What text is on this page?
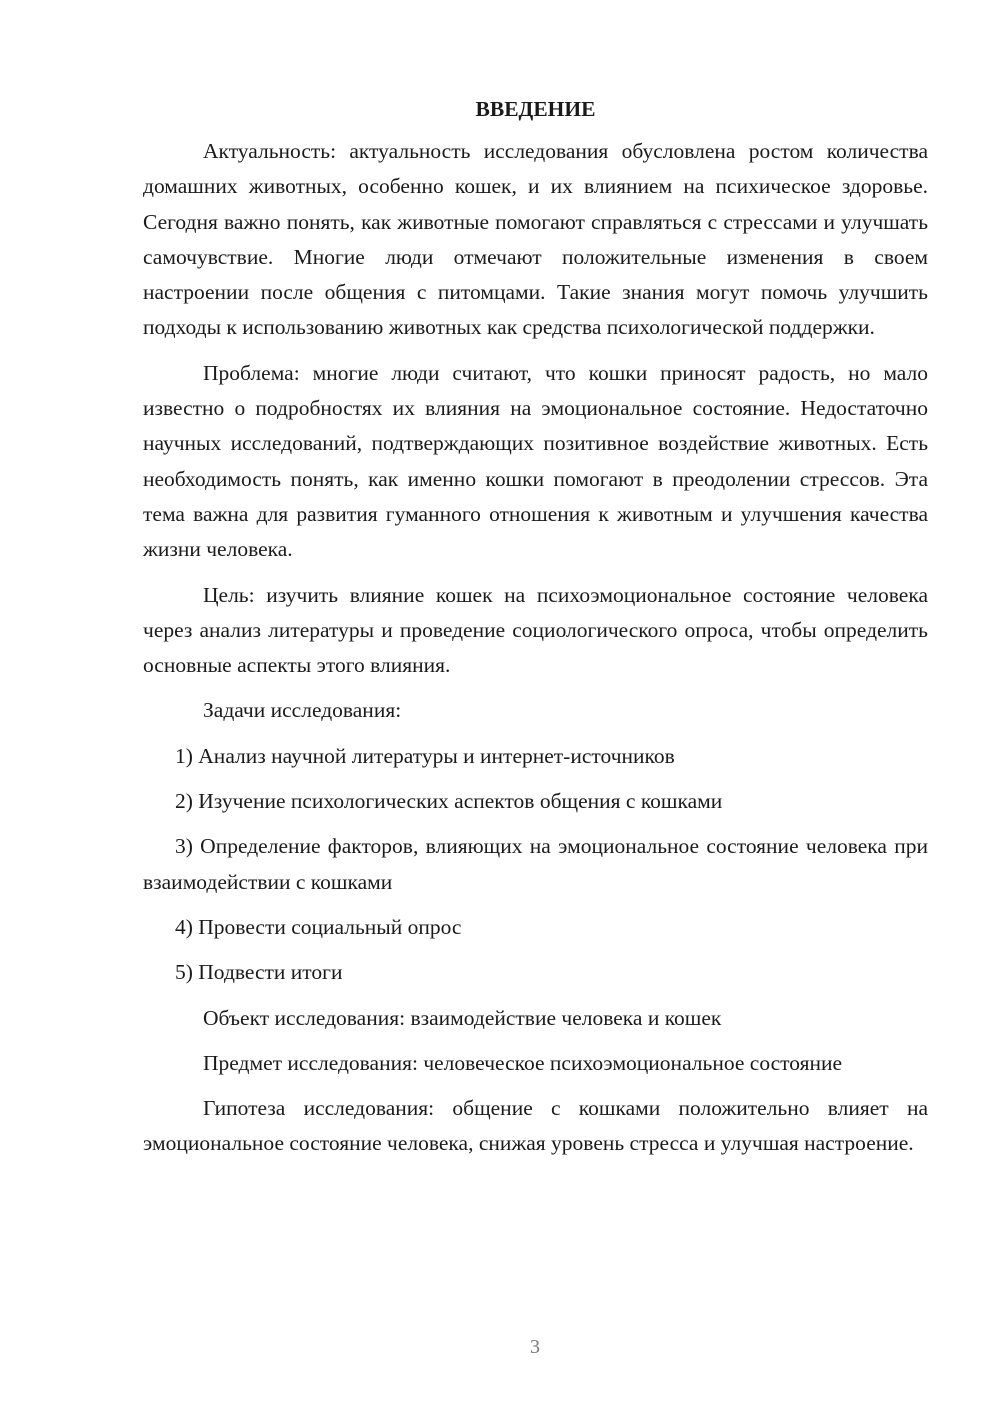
ВВЕДЕНИЕ

Актуальность: актуальность исследования обусловлена ростом количества домашних животных, особенно кошек, и их влиянием на психическое здоровье. Сегодня важно понять, как животные помогают справляться с стрессами и улучшать самочувствие. Многие люди отмечают положительные изменения в своем настроении после общения с питомцами. Такие знания могут помочь улучшить подходы к использованию животных как средства психологической поддержки.

Проблема: многие люди считают, что кошки приносят радость, но мало известно о подробностях их влияния на эмоциональное состояние. Недостаточно научных исследований, подтверждающих позитивное воздействие животных. Есть необходимость понять, как именно кошки помогают в преодолении стрессов. Эта тема важна для развития гуманного отношения к животным и улучшения качества жизни человека.

Цель: изучить влияние кошек на психоэмоциональное состояние человека через анализ литературы и проведение социологического опроса, чтобы определить основные аспекты этого влияния.

Задачи исследования:

1) Анализ научной литературы и интернет-источников

2) Изучение психологических аспектов общения с кошками

3) Определение факторов, влияющих на эмоциональное состояние человека при взаимодействии с кошками

4) Провести социальный опрос

5) Подвести итоги

Объект исследования: взаимодействие человека и кошек

Предмет исследования: человеческое психоэмоциональное состояние

Гипотеза исследования: общение с кошками положительно влияет на эмоциональное состояние человека, снижая уровень стресса и улучшая настроение.

3
